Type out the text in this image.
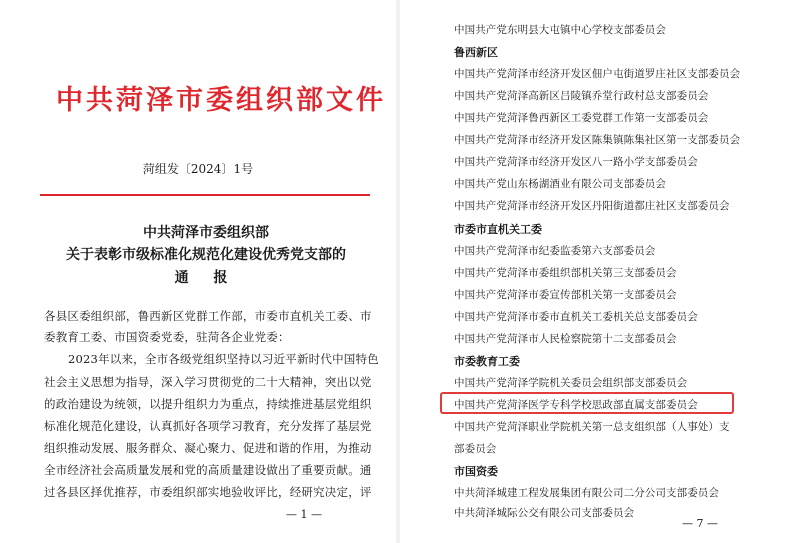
中共菏泽市委组织部文件
菏组发〔2024〕1号
中共菏泽市委组织部
关于表彰市级标准化规范化建设优秀党支部的
通 报
各县区委组织部，鲁西新区党群工作部，市委市直机关工委、市
委教育工委、市国资委党委，驻菏各企业党委：
2023年以来，全市各级党组织坚持以习近平新时代中国特色
社会主义思想为指导，深入学习贯彻党的二十大精神，突出以党
的政治建设为统领，以提升组织力为重点，持续推进基层党组织
标准化规范化建设，认真抓好各项学习教育，充分发挥了基层党
组织推动发展、服务群众、凝心聚力、促进和谐的作用，为推动
全市经济社会高质量发展和党的高质量建设做出了重要贡献。通
过各县区择优推荐，市委组织部实地验收评比，经研究决定，评
— 1 —
中国共产党东明县大屯镇中心学校支部委员会
鲁西新区
中国共产党菏泽市经济开发区佃户屯街道罗庄社区支部委员会
中国共产党菏泽高新区吕陵镇乔堂行政村总支部委员会
中国共产党菏泽鲁西新区工委党群工作第一支部委员会
中国共产党菏泽市经济开发区陈集镇陈集社区第一支部委员会
中国共产党菏泽市经济开发区八一路小学支部委员会
中国共产党山东杨湖酒业有限公司支部委员会
中国共产党菏泽市经济开发区丹阳街道都庄社区支部委员会
市委市直机关工委
中国共产党菏泽市纪委监委第六支部委员会
中国共产党菏泽市委组织部机关第三支部委员会
中国共产党菏泽市委宣传部机关第一支部委员会
中国共产党菏泽市委市直机关工委机关总支部委员会
中国共产党菏泽市人民检察院第十二支部委员会
市委教育工委
中国共产党菏泽学院机关委员会组织部支部委员会
中国共产党菏泽医学专科学校思政部直属支部委员会
中国共产党菏泽职业学院机关第一总支组织部（人事处）支
部委员会
市国资委
中共菏泽城建工程发展集团有限公司二分公司支部委员会
中共菏泽城际公交有限公司支部委员会
— 7 —
